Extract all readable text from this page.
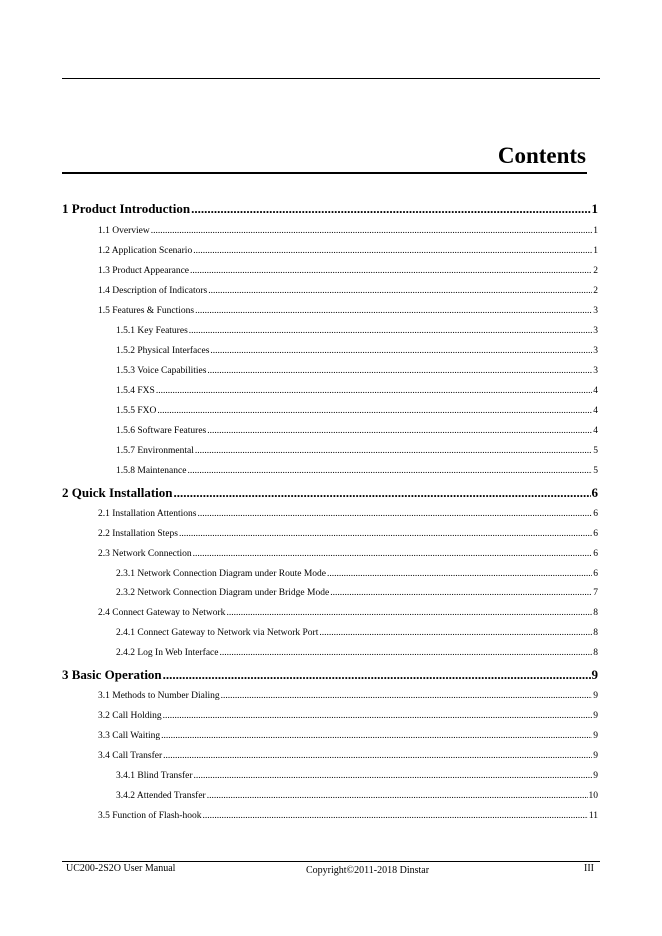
Contents
1 Product Introduction .....	1
1.1 Overview .....	1
1.2 Application Scenario .....	1
1.3 Product Appearance .....	2
1.4 Description of Indicators .....	2
1.5 Features & Functions .....	3
1.5.1 Key Features .....	3
1.5.2 Physical Interfaces .....	3
1.5.3 Voice Capabilities .....	3
1.5.4 FXS .....	4
1.5.5 FXO .....	4
1.5.6 Software Features .....	4
1.5.7 Environmental .....	5
1.5.8 Maintenance .....	5
2 Quick Installation .....	6
2.1 Installation Attentions .....	6
2.2 Installation Steps .....	6
2.3 Network Connection .....	6
2.3.1 Network Connection Diagram under Route Mode .....	6
2.3.2 Network Connection Diagram under Bridge Mode .....	7
2.4 Connect Gateway to Network .....	8
2.4.1 Connect Gateway to Network via Network Port .....	8
2.4.2 Log In Web Interface .....	8
3 Basic Operation .....	9
3.1 Methods to Number Dialing .....	9
3.2 Call Holding .....	9
3.3 Call Waiting .....	9
3.4 Call Transfer .....	9
3.4.1 Blind Transfer .....	9
3.4.2 Attended Transfer .....	10
3.5 Function of Flash-hook .....	11
UC200-2S2O User Manual	Copyright©2011-2018 Dinstar	III
